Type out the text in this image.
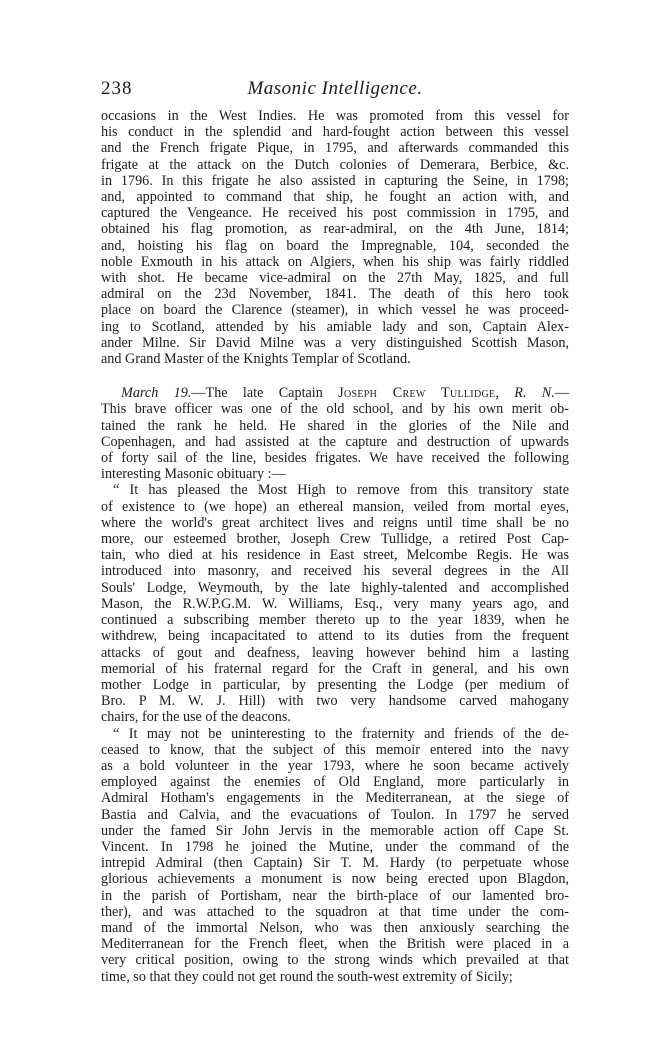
238	Masonic Intelligence.
occasions in the West Indies. He was promoted from this vessel for
his conduct in the splendid and hard-fought action between this vessel
and the French frigate Pique, in 1795, and afterwards commanded this
frigate at the attack on the Dutch colonies of Demerara, Berbice, &c.
in 1796. In this frigate he also assisted in capturing the Seine, in 1798;
and, appointed to command that ship, he fought an action with, and
captured the Vengeance. He received his post commission in 1795, and
obtained his flag promotion, as rear-admiral, on the 4th June, 1814;
and, hoisting his flag on board the Impregnable, 104, seconded the
noble Exmouth in his attack on Algiers, when his ship was fairly riddled
with shot. He became vice-admiral on the 27th May, 1825, and full
admiral on the 23d November, 1841. The death of this hero took
place on board the Clarence (steamer), in which vessel he was proceed-
ing to Scotland, attended by his amiable lady and son, Captain Alex-
ander Milne. Sir David Milne was a very distinguished Scottish Mason,
and Grand Master of the Knights Templar of Scotland.
March 19.—The late Captain Joseph Crew Tullidge, R. N.—
This brave officer was one of the old school, and by his own merit ob-
tained the rank he held. He shared in the glories of the Nile and
Copenhagen, and had assisted at the capture and destruction of upwards
of forty sail of the line, besides frigates. We have received the following
interesting Masonic obituary :—
“ It has pleased the Most High to remove from this transitory state
of existence to (we hope) an ethereal mansion, veiled from mortal eyes,
where the world's great architect lives and reigns until time shall be no
more, our esteemed brother, Joseph Crew Tullidge, a retired Post Cap-
tain, who died at his residence in East street, Melcombe Regis. He was
introduced into masonry, and received his several degrees in the All
Souls' Lodge, Weymouth, by the late highly-talented and accomplished
Mason, the R.W.P.G.M. W. Williams, Esq., very many years ago, and
continued a subscribing member thereto up to the year 1839, when he
withdrew, being incapacitated to attend to its duties from the frequent
attacks of gout and deafness, leaving however behind him a lasting
memorial of his fraternal regard for the Craft in general, and his own
mother Lodge in particular, by presenting the Lodge (per medium of
Bro. P M. W. J. Hill) with two very handsome carved mahogany
chairs, for the use of the deacons.
“ It may not be uninteresting to the fraternity and friends of the de-
ceased to know, that the subject of this memoir entered into the navy
as a bold volunteer in the year 1793, where he soon became actively
employed against the enemies of Old England, more particularly in
Admiral Hotham's engagements in the Mediterranean, at the siege of
Bastia and Calvia, and the evacuations of Toulon. In 1797 he served
under the famed Sir John Jervis in the memorable action off Cape St.
Vincent. In 1798 he joined the Mutine, under the command of the
intrepid Admiral (then Captain) Sir T. M. Hardy (to perpetuate whose
glorious achievements a monument is now being erected upon Blagdon,
in the parish of Portisham, near the birth-place of our lamented bro-
ther), and was attached to the squadron at that time under the com-
mand of the immortal Nelson, who was then anxiously searching the
Mediterranean for the French fleet, when the British were placed in a
very critical position, owing to the strong winds which prevailed at that
time, so that they could not get round the south-west extremity of Sicily;
